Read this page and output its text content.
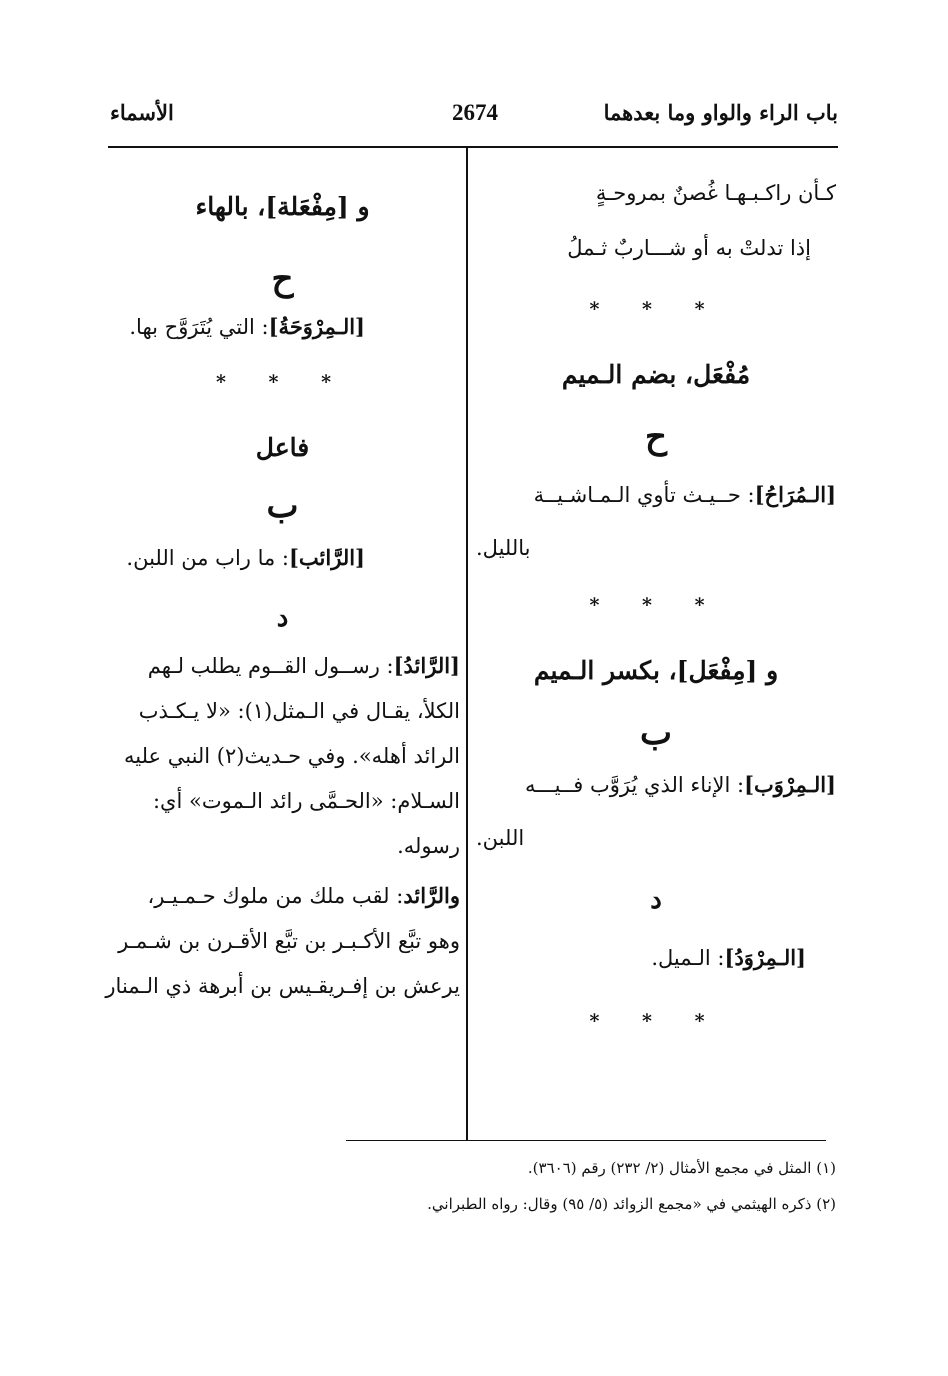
باب الراء والواو وما بعدهما
2674
الأسماء

كـأن راكـبـهـا غُصنٌ بمروحـةٍ

إذا تدلتْ به أو شـــاربٌ ثـملُ

* * *

مُفْعَل، بضم الـميم

ح

[الـمُرَاحُ]: حــيـث تأوي الـمـاشـيــة

بالليل.

* * *

و [مِفْعَل]، بكسر الـميم

ب

[الـمِرْوَب]: الإناء الذي يُرَوَّب فــيـــه

اللبن.

د

[الـمِرْوَدُ]: الـميل.

* * *

و [مِفْعَلة]، بالهاء

ح

[الـمِرْوَحَةُ]: التي يُتَرَوَّح بها.

* * *

فاعل

ب

[الرَّائب]: ما راب من اللبن.

د

[الرَّائدُ]: رســول القــوم يطلب لـهم

الكلأ، يقـال في الـمثل(١): «لا يـكـذب

الرائد أهله». وفي حـديث(٢) النبي عليه

السـلام: «الحـمَّى رائد الـموت» أي:

رسوله.

والرَّائد: لقب ملك من ملوك حـمـيـر،

وهو تبَّع الأكـبـر بن تبَّع الأقـرن بن شـمـر

يرعش بن إفـريقـيس بن أبرهة ذي الـمنار

(١) المثل في مجمع الأمثال (٢/ ٢٣٢) رقم (٣٦٠٦).
(٢) ذكره الهيثمي في «مجمع الزوائد (٥/ ٩٥) وقال: رواه الطبراني.
